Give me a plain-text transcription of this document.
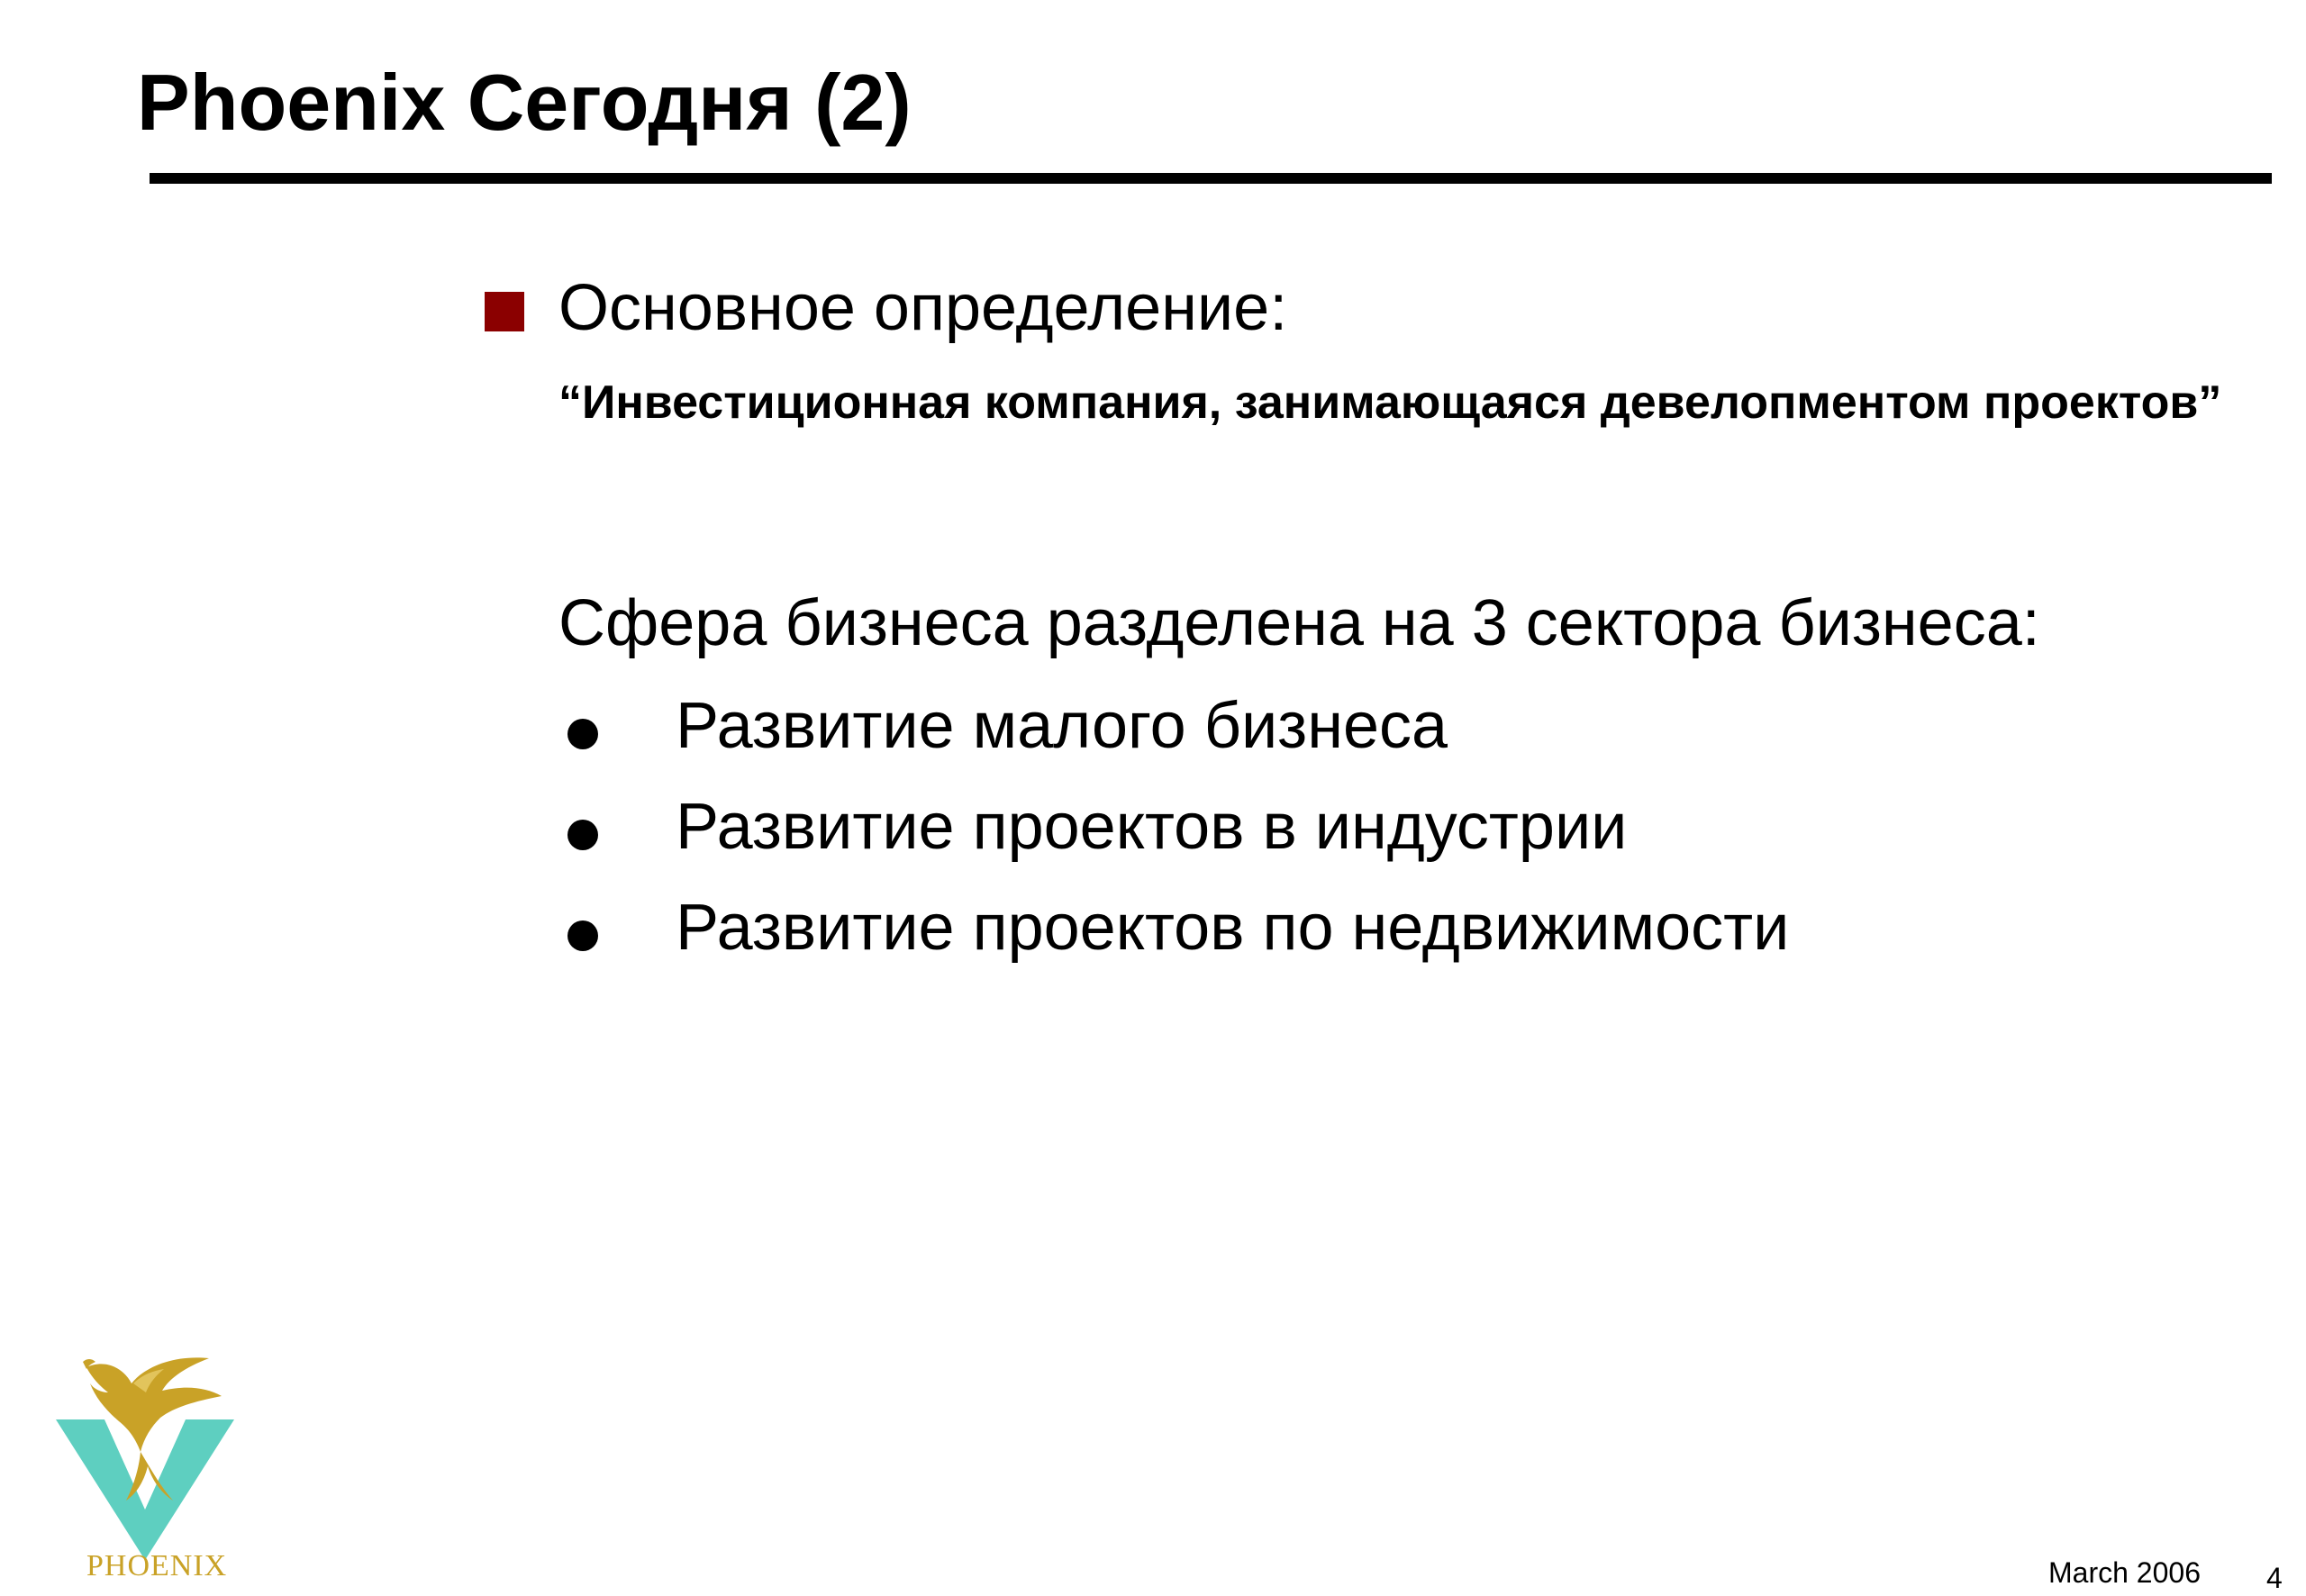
Phoenix Сегодня (2)
Основное определение:
“Инвестиционная компания, занимающаяся девелопментом проектов”
Сфера бизнеса разделена на 3 сектора бизнеса:
Развитие малого бизнеса
Развитие проектов в индустрии
Развитие проектов по недвижимости
PHOENIX	March 2006 4
